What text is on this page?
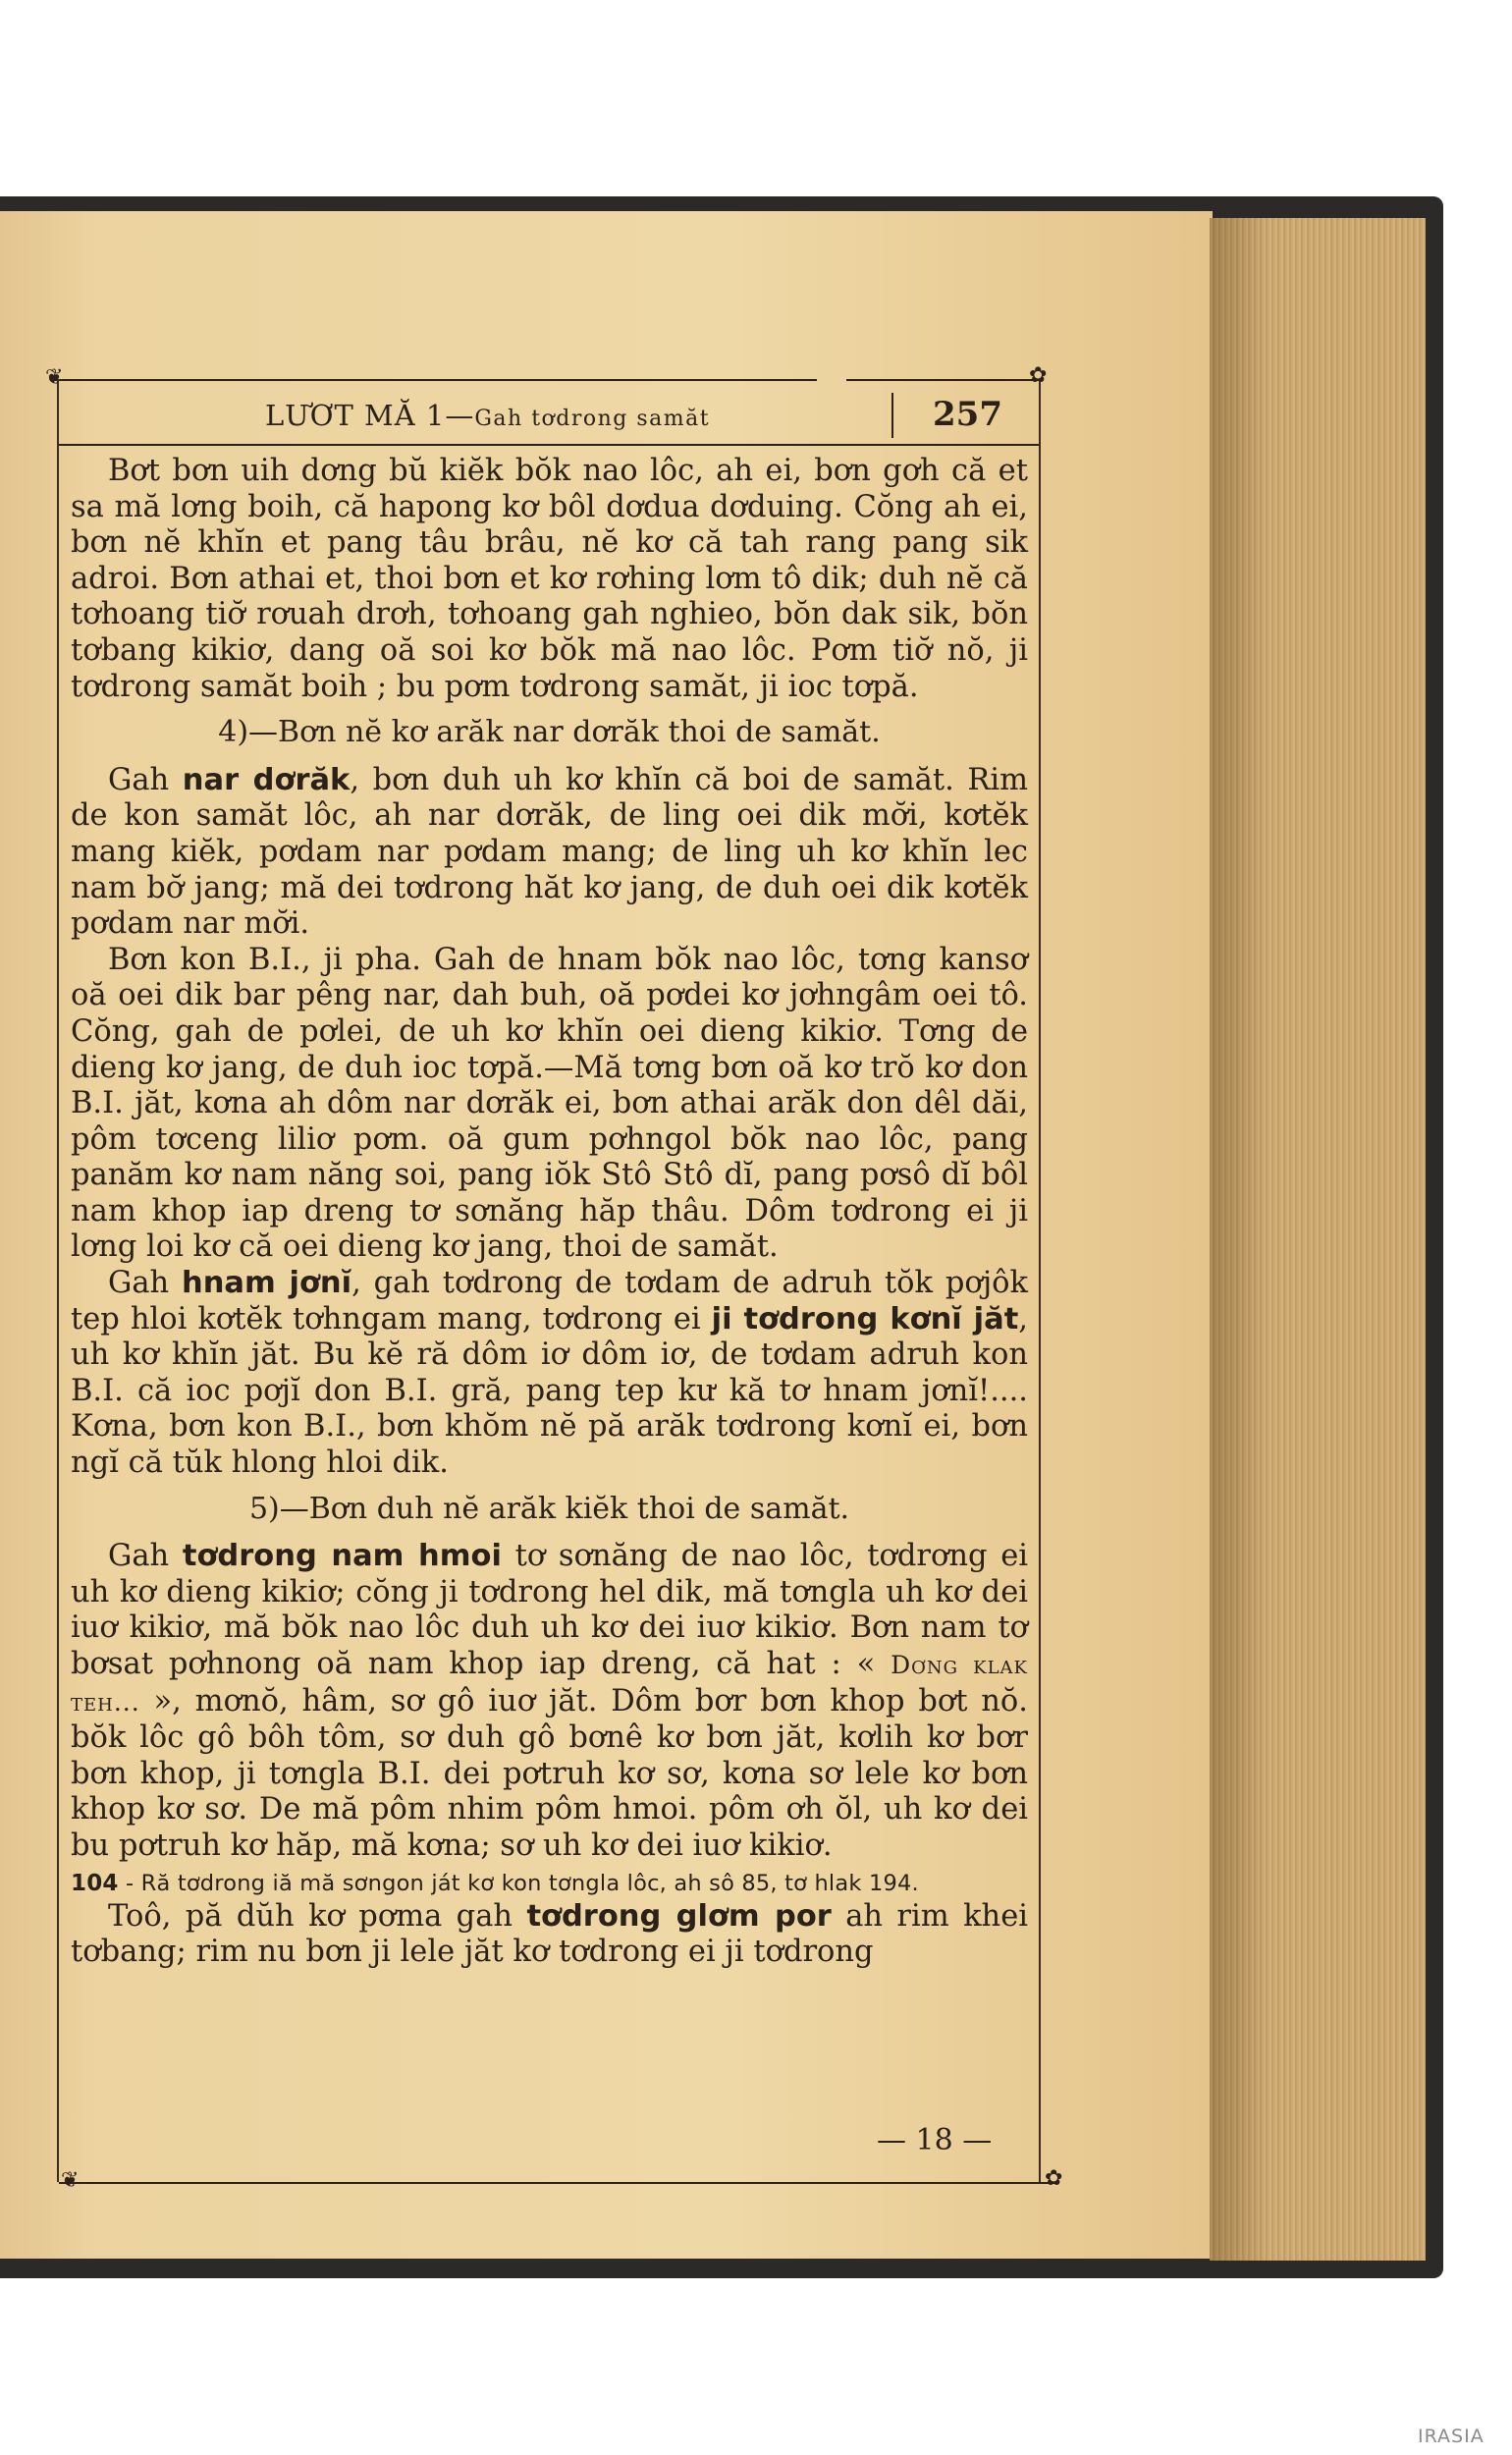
❦	✿
❦	✿
LƯƠT MĂ 1—Gah tơdrong samăt	257

Bơt bơn uih dơng bŭ kiĕk bŏk nao lôc, ah ei, bơn gơh că et sa mă lơng boih, că hapong kơ bôl dơdua dơduing. Cŏng ah ei, bơn nĕ khĭn et pang tâu brâu, nĕ kơ că tah rang pang sik adroi. Bơn athai et, thoi bơn et kơ rơhing lơm tô dik; duh nĕ că tơhoang tiơ̆ rơuah drơh, tơhoang gah nghieo, bŏn dak sik, bŏn tơbang kikiơ, dang oă soi kơ bŏk mă nao lôc. Pơm tiơ̆ nŏ, ji tơdrong samăt boih ; bu pơm tơdrong samăt, ji ioc tơpă.

4)—Bơn nĕ kơ arăk nar dơrăk thoi de samăt.

Gah nar dơrăk, bơn duh uh kơ khĭn că boi de samăt. Rim de kon samăt lôc, ah nar dơrăk, de ling oei dik mơ̆i, kơtĕk mang kiĕk, pơdam nar pơdam mang; de ling uh kơ khĭn lec nam bơ̆ jang; mă dei tơdrong hăt kơ jang, de duh oei dik kơtĕk pơdam nar mơ̆i.

Bơn kon B.I., ji pha. Gah de hnam bŏk nao lôc, tơng kansơ oă oei dik bar pêng nar, dah buh, oă pơdei kơ jơhngâm oei tô. Cŏng, gah de pơlei, de uh kơ khĭn oei dieng kikiơ. Tơng de dieng kơ jang, de duh ioc tơpă.—Mă tơng bơn oă kơ trŏ kơ don B.I. jăt, kơna ah dôm nar dơrăk ei, bơn athai arăk don dêl dăi, pôm tơceng liliơ pơm. oă gum pơhngol bŏk nao lôc, pang panăm kơ nam năng soi, pang iŏk Stô Stô dĭ, pang pơsô dĭ bôl nam khop iap dreng tơ sơnăng hăp thâu. Dôm tơdrong ei ji lơng loi kơ că oei dieng kơ jang, thoi de samăt.

Gah hnam jơnĭ, gah tơdrong de tơdam de adruh tŏk pơjôk tep hloi kơtĕk tơhngam mang, tơdrong ei ji tơdrong kơnĭ jăt, uh kơ khĭn jăt. Bu kĕ ră dôm iơ dôm iơ, de tơdam adruh kon B.I. că ioc pơjĭ don B.I. gră, pang tep kư kă tơ hnam jơnĭ!.... Kơna, bơn kon B.I., bơn khŏm nĕ pă arăk tơdrong kơnĭ ei, bơn ngĭ că tŭk hlong hloi dik.

5)—Bơn duh nĕ arăk kiĕk thoi de samăt.

Gah tơdrong nam hmoi tơ sơnăng de nao lôc, tơdrơng ei uh kơ dieng kikiơ; cŏng ji tơdrong hel dik, mă tơngla uh kơ dei iuơ kikiơ, mă bŏk nao lôc duh uh kơ dei iuơ kikiơ. Bơn nam tơ bơsat pơhnong oă nam khop iap dreng, că hat : « Dơng klak teh... », mơnŏ, hâm, sơ gô iuơ jăt. Dôm bơr bơn khop bơt nŏ. bŏk lôc gô bôh tôm, sơ duh gô bơnê kơ bơn jăt, kơlih kơ bơr bơn khop, ji tơngla B.I. dei pơtruh kơ sơ, kơna sơ lele kơ bơn khop kơ sơ. De mă pôm nhim pôm hmoi. pôm ơh ŏl, uh kơ dei bu pơtruh kơ hăp, mă kơna; sơ uh kơ dei iuơ kikiơ.

104 - Ră tơdrong iă mă sơngon ját kơ kon tơngla lôc, ah sô 85, tơ hlak 194.

Toô, pă dŭh kơ pơma gah tơdrong glơm por ah rim khei tơbang; rim nu bơn ji lele jăt kơ tơdrong ei ji tơdrong

— 18 —
IRASIA
